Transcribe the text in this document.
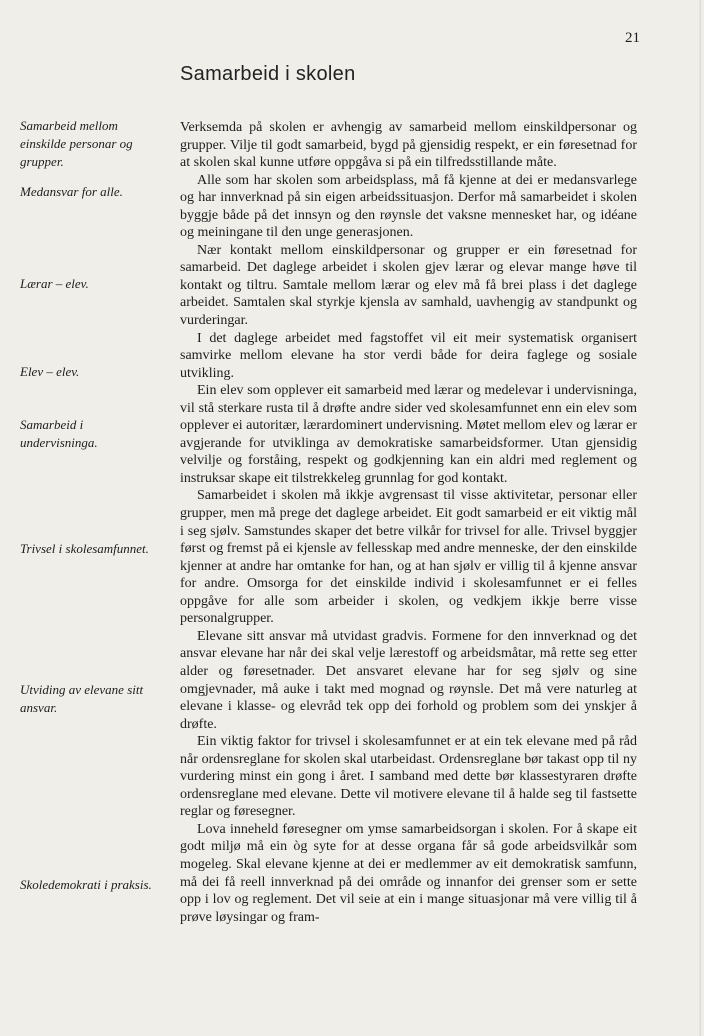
21
Samarbeid i skolen
Samarbeid mellom einskilde personar og grupper.
Medansvar for alle.
Lærar – elev.
Elev – elev.
Samarbeid i undervisninga.
Trivsel i skolesamfunnet.
Utviding av elevane sitt ansvar.
Skoledemokrati i praksis.

Verksemda på skolen er avhengig av samarbeid mellom einskildpersonar og grupper. Vilje til godt samarbeid, bygd på gjensidig respekt, er ein føresetnad for at skolen skal kunne utføre oppgåva si på ein tilfredsstillande måte.

Alle som har skolen som arbeidsplass, må få kjenne at dei er medansvarlege og har innverknad på sin eigen arbeidssituasjon. Derfor må samarbeidet i skolen byggje både på det innsyn og den røynsle det vaksne mennesket har, og idéane og meiningane til den unge generasjonen.

Nær kontakt mellom einskildpersonar og grupper er ein føresetnad for samarbeid. Det daglege arbeidet i skolen gjev lærar og elevar mange høve til kontakt og tiltru. Samtale mellom lærar og elev må få brei plass i det daglege arbeidet. Samtalen skal styrkje kjensla av samhald, uavhengig av standpunkt og vurderingar.

I det daglege arbeidet med fagstoffet vil eit meir systematisk organisert samvirke mellom elevane ha stor verdi både for deira faglege og sosiale utvikling.

Ein elev som opplever eit samarbeid med lærar og medelevar i undervisninga, vil stå sterkare rusta til å drøfte andre sider ved skolesamfunnet enn ein elev som opplever ei autoritær, lærardominert undervisning. Møtet mellom elev og lærar er avgjerande for utviklinga av demokratiske samarbeidsformer. Utan gjensidig velvilje og forståing, respekt og godkjenning kan ein aldri med reglement og instruksar skape eit tilstrekkeleg grunnlag for god kontakt.

Samarbeidet i skolen må ikkje avgrensast til visse aktivitetar, personar eller grupper, men må prege det daglege arbeidet. Eit godt samarbeid er eit viktig mål i seg sjølv. Samstundes skaper det betre vilkår for trivsel for alle. Trivsel byggjer først og fremst på ei kjensle av fellesskap med andre menneske, der den einskilde kjenner at andre har omtanke for han, og at han sjølv er villig til å kjenne ansvar for andre. Omsorga for det einskilde individ i skolesamfunnet er ei felles oppgåve for alle som arbeider i skolen, og vedkjem ikkje berre visse personalgrupper.

Elevane sitt ansvar må utvidast gradvis. Formene for den innverknad og det ansvar elevane har når dei skal velje lærestoff og arbeidsmåtar, må rette seg etter alder og føresetnader. Det ansvaret elevane har for seg sjølv og sine omgjevnader, må auke i takt med mognad og røynsle. Det må vere naturleg at elevane i klasse- og elevråd tek opp dei forhold og problem som dei ynskjer å drøfte.

Ein viktig faktor for trivsel i skolesamfunnet er at ein tek elevane med på råd når ordensreglane for skolen skal utarbeidast. Ordensreglane bør takast opp til ny vurdering minst ein gong i året. I samband med dette bør klassestyraren drøfte ordensreglane med elevane. Dette vil motivere elevane til å halde seg til fastsette reglar og føresegner.

Lova inneheld føresegner om ymse samarbeidsorgan i skolen. For å skape eit godt miljø må ein òg syte for at desse organa får så gode arbeidsvilkår som mogeleg. Skal elevane kjenne at dei er medlemmer av eit demokratisk samfunn, må dei få reell innverknad på dei område og innanfor dei grenser som er sette opp i lov og reglement. Det vil seie at ein i mange situasjonar må vere villig til å prøve løysingar og fram-
